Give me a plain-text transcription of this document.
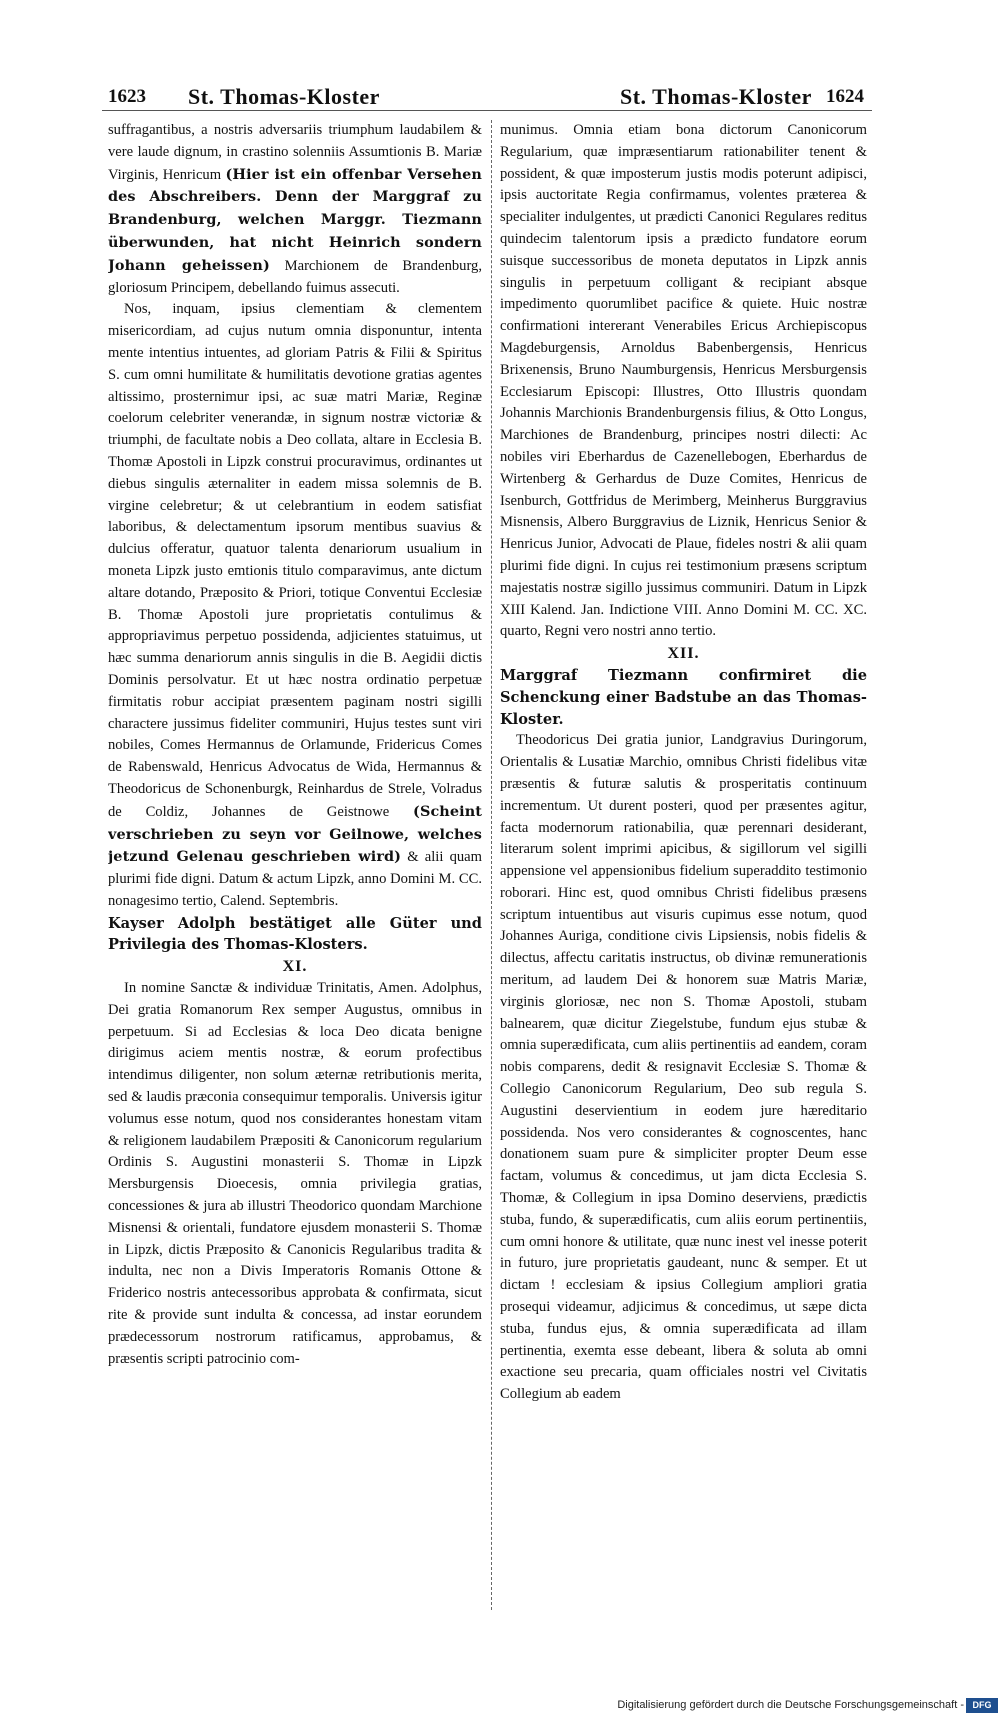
1623 St. Thomas-Kloster	St. Thomas-Kloster 1624

suffragantibus, a nostris adversariis triumphum laudabilem & vere laude dignum, in crastino solenniis Assumtionis B. Mariæ Virginis, Henricum (Hier ist ein offenbar Versehen des Abschreibers. Denn der Marggraf zu Brandenburg, welchen Marggr. Tiezmann überwunden, hat nicht Heinrich sondern Johann geheissen) Marchionem de Brandenburg, gloriosum Principem, debellando fuimus assecuti.

Nos, inquam, ipsius clementiam & clementem misericordiam, ad cujus nutum omnia disponuntur, intenta mente intentius intuentes, ad gloriam Patris & Filii & Spiritus S. cum omni humilitate & humilitatis devotione gratias agentes altissimo, prosternimur ipsi, ac suæ matri Mariæ, Reginæ coelorum celebriter venerandæ, in signum nostræ victoriæ & triumphi, de facultate nobis a Deo collata, altare in Ecclesia B. Thomæ Apostoli in Lipzk construi procuravimus, ordinantes ut diebus singulis æternaliter in eadem missa solemnis de B. virgine celebretur; & ut celebrantium in eodem satisfiat laboribus, & delectamentum ipsorum mentibus suavius & dulcius offeratur, quatuor talenta denariorum usualium in moneta Lipzk justo emtionis titulo comparavimus, ante dictum altare dotando, Præposito & Priori, totique Conventui Ecclesiæ B. Thomæ Apostoli jure proprietatis contulimus & appropriavimus perpetuo possidenda, adjicientes statuimus, ut hæc summa denariorum annis singulis in die B. Aegidii dictis Dominis persolvatur. Et ut hæc nostra ordinatio perpetuæ firmitatis robur accipiat præsentem paginam nostri sigilli charactere jussimus fideliter communiri, Hujus testes sunt viri nobiles, Comes Hermannus de Orlamunde, Fridericus Comes de Rabenswald, Henricus Advocatus de Wida, Hermannus & Theodoricus de Schonenburgk, Reinhardus de Strele, Volradus de Coldiz, Johannes de Geistnowe (Scheint verschrieben zu seyn vor Geilnowe, welches jetzund Gelenau geschrieben wird) & alii quam plurimi fide digni. Datum & actum Lipzk, anno Domini M. CC. nonagesimo tertio, Calend. Septembris.

Kayser Adolph bestätiget alle Güter und Privilegia des Thomas-Klosters.

XI.

In nomine Sanctæ & individuæ Trinitatis, Amen. Adolphus, Dei gratia Romanorum Rex semper Augustus, omnibus in perpetuum. Si ad Ecclesias & loca Deo dicata benigne dirigimus aciem mentis nostræ, & eorum profectibus intendimus diligenter, non solum æternæ retributionis merita, sed & laudis præconia consequimur temporalis. Universis igitur volumus esse notum, quod nos considerantes honestam vitam & religionem laudabilem Præpositi & Canonicorum regularium Ordinis S. Augustini monasterii S. Thomæ in Lipzk Mersburgensis Dioecesis, omnia privilegia gratias, concessiones & jura ab illustri Theodorico quondam Marchione Misnensi & orientali, fundatore ejusdem monasterii S. Thomæ in Lipzk, dictis Præposito & Canonicis Regularibus tradita & indulta, nec non a Divis Imperatoris Romanis Ottone & Friderico nostris antecessoribus approbata & confirmata, sicut rite & provide sunt indulta & concessa, ad instar eorundem prædecessorum nostrorum ratificamus, approbamus, & præsentis scripti patrocinio com-

munimus. Omnia etiam bona dictorum Canonicorum Regularium, quæ impræsentiarum rationabiliter tenent & possident, & quæ imposterum justis modis poterunt adipisci, ipsis auctoritate Regia confirmamus, volentes præterea & specialiter indulgentes, ut prædicti Canonici Regulares reditus quindecim talentorum ipsis a prædicto fundatore eorum suisque successoribus de moneta deputatos in Lipzk annis singulis in perpetuum colligant & recipiant absque impedimento quorumlibet pacifice & quiete. Huic nostræ confirmationi intererant Venerabiles Ericus Archiepiscopus Magdeburgensis, Arnoldus Babenbergensis, Henricus Brixenensis, Bruno Naumburgensis, Henricus Mersburgensis Ecclesiarum Episcopi: Illustres, Otto Illustris quondam Johannis Marchionis Brandenburgensis filius, & Otto Longus, Marchiones de Brandenburg, principes nostri dilecti: Ac nobiles viri Eberhardus de Cazenellebogen, Eberhardus de Wirtenberg & Gerhardus de Duze Comites, Henricus de Isenburch, Gottfridus de Merimberg, Meinherus Burggravius Misnensis, Albero Burggravius de Liznik, Henricus Senior & Henricus Junior, Advocati de Plaue, fideles nostri & alii quam plurimi fide digni. In cujus rei testimonium præsens scriptum majestatis nostræ sigillo jussimus communiri. Datum in Lipzk XIII Kalend. Jan. Indictione VIII. Anno Domini M. CC. XC. quarto, Regni vero nostri anno tertio.

XII.

Marggraf Tiezmann confirmiret die Schenckung einer Badstube an das Thomas-Kloster.

Theodoricus Dei gratia junior, Landgravius Duringorum, Orientalis & Lusatiæ Marchio, omnibus Christi fidelibus vitæ præsentis & futuræ salutis & prosperitatis continuum incrementum. Ut durent posteri, quod per præsentes agitur, facta modernorum rationabilia, quæ perennari desiderant, literarum solent imprimi apicibus, & sigillorum vel sigilli appensione vel appensionibus fidelium superaddito testimonio roborari. Hinc est, quod omnibus Christi fidelibus præsens scriptum intuentibus aut visuris cupimus esse notum, quod Johannes Auriga, conditione civis Lipsiensis, nobis fidelis & dilectus, affectu caritatis instructus, ob divinæ remunerationis meritum, ad laudem Dei & honorem suæ Matris Mariæ, virginis gloriosæ, nec non S. Thomæ Apostoli, stubam balnearem, quæ dicitur Ziegelstube, fundum ejus stubæ & omnia superædificata, cum aliis pertinentiis ad eandem, coram nobis comparens, dedit & resignavit Ecclesiæ S. Thomæ & Collegio Canonicorum Regularium, Deo sub regula S. Augustini deservientium in eodem jure hæreditario possidenda. Nos vero considerantes & cognoscentes, hanc donationem suam pure & simpliciter propter Deum esse factam, volumus & concedimus, ut jam dicta Ecclesia S. Thomæ, & Collegium in ipsa Domino deserviens, prædictis stuba, fundo, & superædificatis, cum aliis eorum pertinentiis, cum omni honore & utilitate, quæ nunc inest vel inesse poterit in futuro, jure proprietatis gaudeant, nunc & semper. Et ut dictam ! ecclesiam & ipsius Collegium ampliori gratia prosequi videamur, adjicimus & concedimus, ut sæpe dicta stuba, fundus ejus, & omnia superædificata ad illam pertinentia, exemta esse debeant, libera & soluta ab omni exactione seu precaria, quam officiales nostri vel Civitatis Collegium ab eadem

Digitalisierung gefördert durch die Deutsche Forschungsgemeinschaft - DFG
